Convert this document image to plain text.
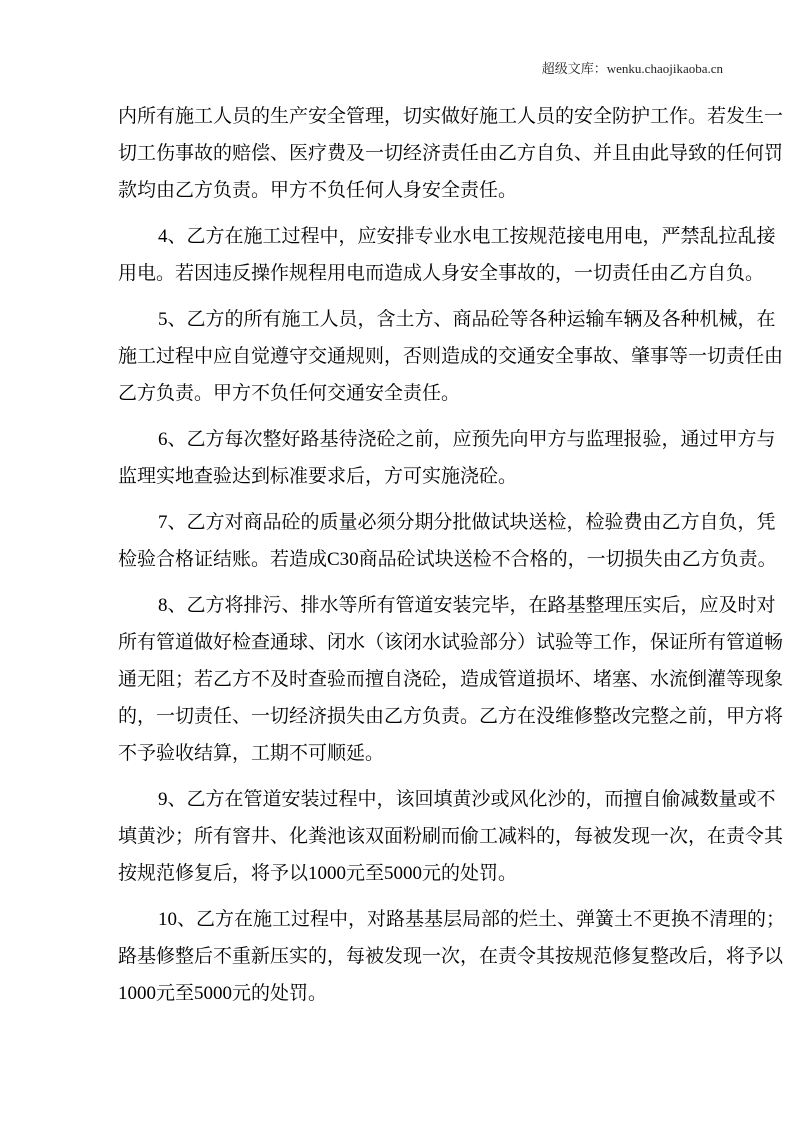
超级文库：wenku.chaojikaoba.cn
内所有施工人员的生产安全管理，切实做好施工人员的安全防护工作。若发生一
切工伤事故的赔偿、医疗费及一切经济责任由乙方自负、并且由此导致的任何罚
款均由乙方负责。甲方不负任何人身安全责任。
4、乙方在施工过程中，应安排专业水电工按规范接电用电，严禁乱拉乱接
用电。若因违反操作规程用电而造成人身安全事故的，一切责任由乙方自负。
5、乙方的所有施工人员，含土方、商品砼等各种运输车辆及各种机械，在
施工过程中应自觉遵守交通规则，否则造成的交通安全事故、肇事等一切责任由
乙方负责。甲方不负任何交通安全责任。
6、乙方每次整好路基待浇砼之前，应预先向甲方与监理报验，通过甲方与
监理实地查验达到标准要求后，方可实施浇砼。
7、乙方对商品砼的质量必须分期分批做试块送检，检验费由乙方自负，凭
检验合格证结账。若造成C30商品砼试块送检不合格的，一切损失由乙方负责。
8、乙方将排污、排水等所有管道安装完毕，在路基整理压实后，应及时对
所有管道做好检查通球、闭水（该闭水试验部分）试验等工作，保证所有管道畅
通无阻；若乙方不及时查验而擅自浇砼，造成管道损坏、堵塞、水流倒灌等现象
的，一切责任、一切经济损失由乙方负责。乙方在没维修整改完整之前，甲方将
不予验收结算，工期不可顺延。
9、乙方在管道安装过程中，该回填黄沙或风化沙的，而擅自偷减数量或不
填黄沙；所有窨井、化粪池该双面粉刷而偷工减料的，每被发现一次，在责令其
按规范修复后，将予以1000元至5000元的处罚。
10、乙方在施工过程中，对路基基层局部的烂土、弹簧土不更换不清理的；
路基修整后不重新压实的，每被发现一次，在责令其按规范修复整改后，将予以
1000元至5000元的处罚。
